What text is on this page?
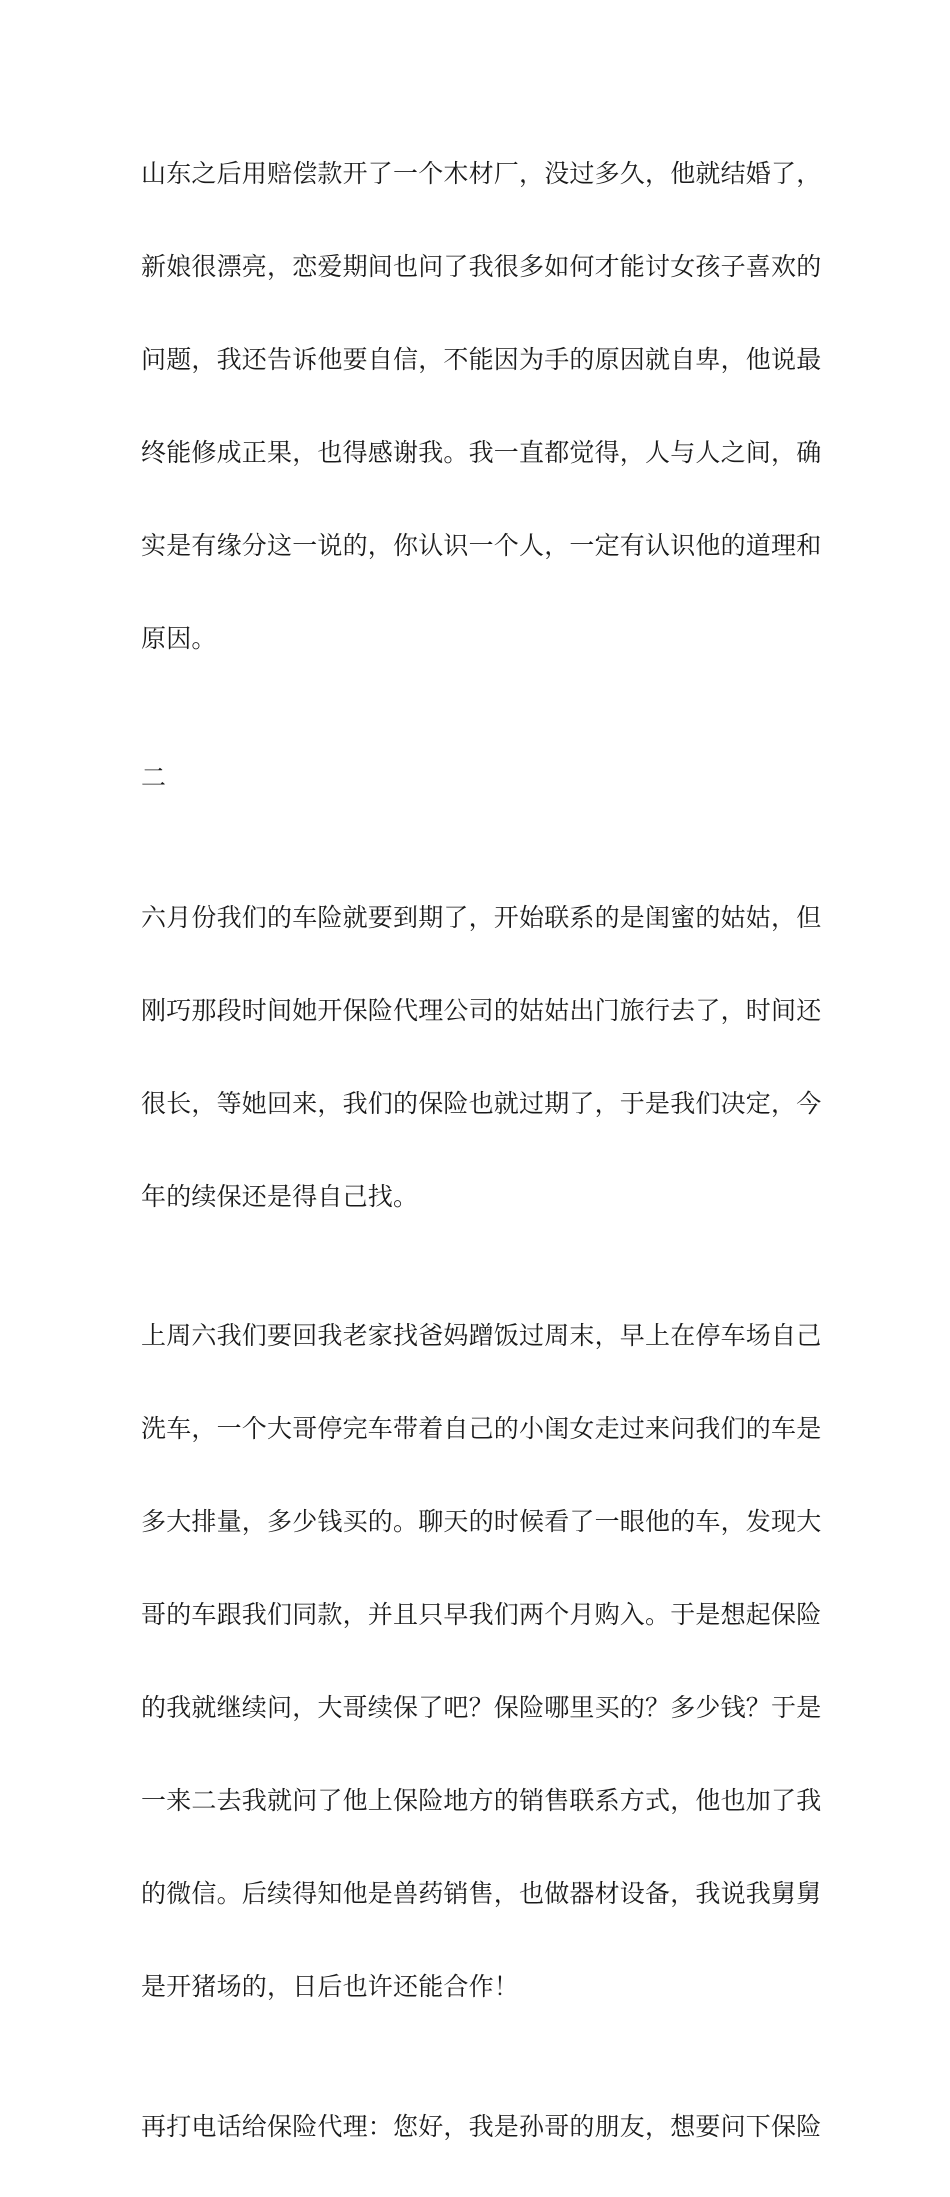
山东之后用赔偿款开了一个木材厂，没过多久，他就结婚了，

新娘很漂亮，恋爱期间也问了我很多如何才能讨女孩子喜欢的

问题，我还告诉他要自信，不能因为手的原因就自卑，他说最

终能修成正果，也得感谢我。我一直都觉得，人与人之间，确

实是有缘分这一说的，你认识一个人，一定有认识他的道理和

原因。

二

六月份我们的车险就要到期了，开始联系的是闺蜜的姑姑，但

刚巧那段时间她开保险代理公司的姑姑出门旅行去了，时间还

很长，等她回来，我们的保险也就过期了，于是我们决定，今

年的续保还是得自己找。

上周六我们要回我老家找爸妈蹭饭过周末，早上在停车场自己

洗车，一个大哥停完车带着自己的小闺女走过来问我们的车是

多大排量，多少钱买的。聊天的时候看了一眼他的车，发现大

哥的车跟我们同款，并且只早我们两个月购入。于是想起保险

的我就继续问，大哥续保了吧？保险哪里买的？多少钱？于是

一来二去我就问了他上保险地方的销售联系方式，他也加了我

的微信。后续得知他是兽药销售，也做器材设备，我说我舅舅

是开猪场的，日后也许还能合作！

再打电话给保险代理：您好，我是孙哥的朋友，想要问下保险
